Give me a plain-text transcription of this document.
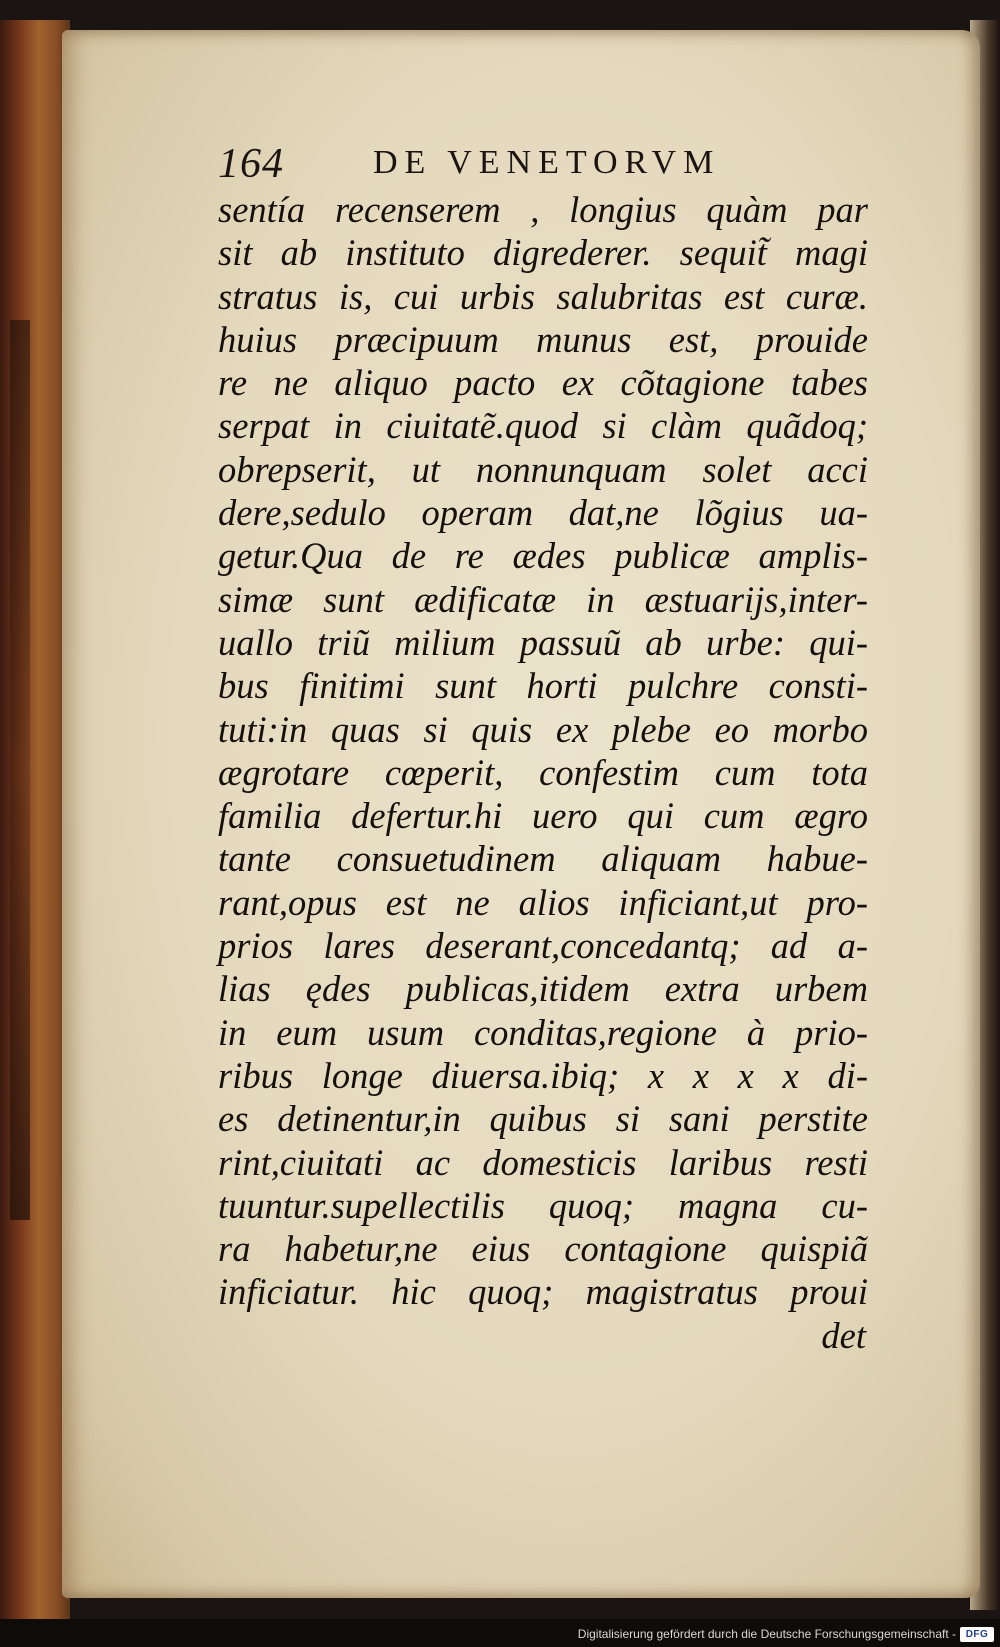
164	DE VENETORVM
sentía recenserem , longius quàm par
sit ab instituto digrederer. sequit̃ magi
stratus is, cui urbis salubritas est curæ.
huius præcipuum munus est, prouide
re ne aliquo pacto ex cõtagione tabes
serpat in ciuitatẽ.quod si clàm quãdoq;
obrepserit, ut nonnunquam solet acci
dere,sedulo operam dat,ne lõgius ua-
getur.Qua de re ædes publicæ amplis-
simæ sunt ædificatæ in æstuarijs,inter-
uallo triũ milium passuũ ab urbe: qui-
bus finitimi sunt horti pulchre consti-
tuti:in quas si quis ex plebe eo morbo
ægrotare cœperit, confestim cum tota
familia defertur.hi uero qui cum ægro
tante consuetudinem aliquam habue-
rant,opus est ne alios inficiant,ut pro-
prios lares deserant,concedantq; ad a-
lias ędes publicas,itidem extra urbem
in eum usum conditas,regione à prio-
ribus longe diuersa.ibiq; x x x x di-
es detinentur,in quibus si sani perstite
rint,ciuitati ac domesticis laribus resti
tuuntur.supellectilis quoq; magna cu-
ra habetur,ne eius contagione quispiã
inficiatur. hic quoq; magistratus proui
det
Digitalisierung gefördert durch die Deutsche Forschungsgemeinschaft - DFG
